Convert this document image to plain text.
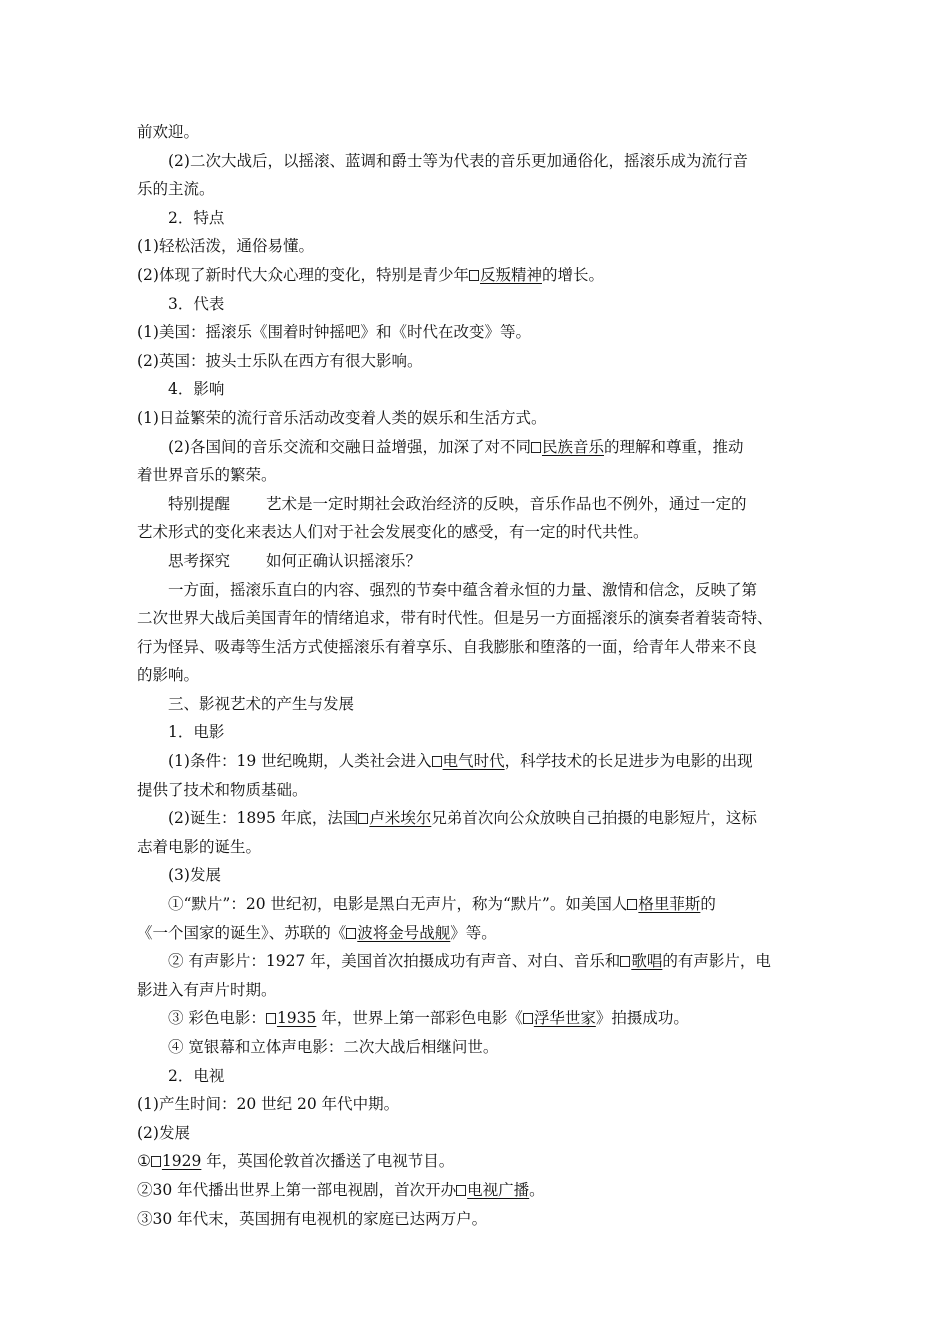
前欢迎。
(2)二次大战后，以摇滚、蓝调和爵士等为代表的音乐更加通俗化，摇滚乐成为流行音
乐的主流。
2．特点
(1)轻松活泼，通俗易懂。
(2)体现了新时代大众心理的变化，特别是青少年 反叛精神的增长。
3．代表
(1)美国：摇滚乐《围着时钟摇吧》和《时代在改变》等。
(2)英国：披头士乐队在西方有很大影响。
4．影响
(1)日益繁荣的流行音乐活动改变着人类的娱乐和生活方式。
(2)各国间的音乐交流和交融日益增强，加深了对不同 民族音乐的理解和尊重，推动
着世界音乐的繁荣。
特别提醒 艺术是一定时期社会政治经济的反映，音乐作品也不例外，通过一定的
艺术形式的变化来表达人们对于社会发展变化的感受，有一定的时代共性。
思考探究 如何正确认识摇滚乐？
一方面，摇滚乐直白的内容、强烈的节奏中蕴含着永恒的力量、激情和信念，反映了第
二次世界大战后美国青年的情绪追求，带有时代性。但是另一方面摇滚乐的演奏者着装奇特、
行为怪异、吸毒等生活方式使摇滚乐有着享乐、自我膨胀和堕落的一面，给青年人带来不良
的影响。
三、影视艺术的产生与发展
1．电影
(1)条件：19 世纪晚期，人类社会进入 电气时代，科学技术的长足进步为电影的出现
提供了技术和物质基础。
(2)诞生：1895 年底，法国 卢米埃尔兄弟首次向公众放映自己拍摄的电影短片，这标
志着电影的诞生。
(3)发展
①“默片”：20 世纪初，电影是黑白无声片，称为“默片”。如美国人 格里菲斯的
《一个国家的诞生》、苏联的《 波将金号战舰》等。
② 有声影片：1927 年，美国首次拍摄成功有声音、对白、音乐和 歌唱的有声影片，电
影进入有声片时期。
③ 彩色电影： 1935 年，世界上第一部彩色电影《 浮华世家》拍摄成功。
④ 宽银幕和立体声电影：二次大战后相继问世。
2．电视
(1)产生时间：20 世纪 20 年代中期。
(2)发展
① 1929 年，英国伦敦首次播送了电视节目。
②30 年代播出世界上第一部电视剧，首次开办 电视广播。
③30 年代末，英国拥有电视机的家庭已达两万户。
